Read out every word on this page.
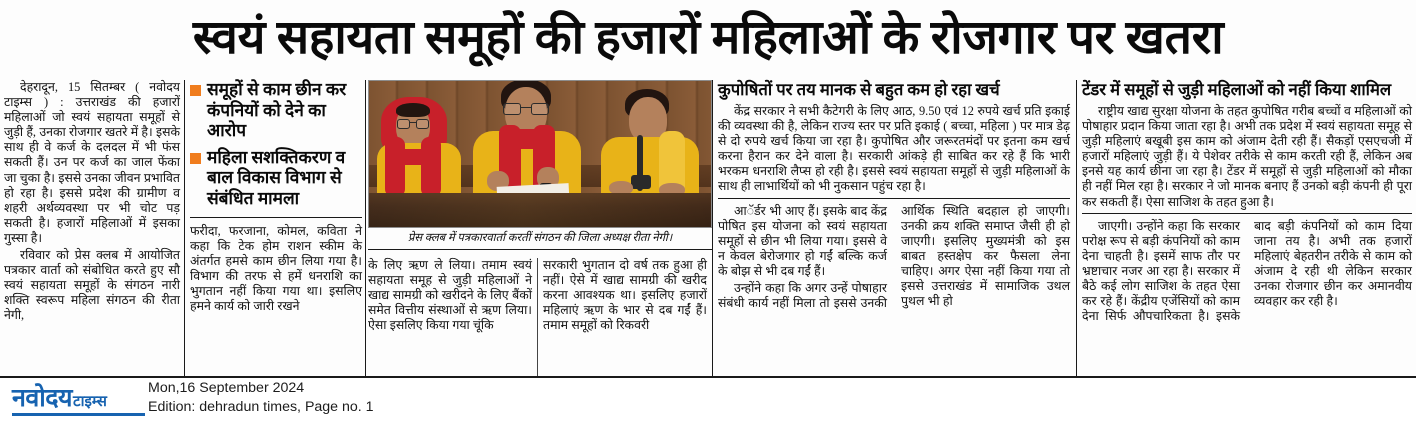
स्वयं सहायता समूहों की हजारों महिलाओं के रोजगार पर खतरा

देहरादून, 15 सितम्बर ( नवोदय टाइम्स ) : उत्तराखंड की हजारों महिलाओं जो स्वयं सहायता समूहों से जुड़ी हैं, उनका रोजगार खतरे में है। इसके साथ ही वे कर्ज के दलदल में भी फंस सकती हैं। उन पर कर्ज का जाल फेंका जा चुका है। इससे उनका जीवन प्रभावित हो रहा है। इससे प्रदेश की ग्रामीण व शहरी अर्थव्यवस्था पर भी चोट पड़ सकती है। हजारों महिलाओं में इसका गुस्सा है।

रविवार को प्रेस क्लब में आयोजित पत्रकार वार्ता को संबोधित करते हुए सौ स्वयं सहायता समूहों के संगठन नारी शक्ति स्वरूप महिला संगठन की रीता नेगी,

समूहों से काम छीन कर कंपनियों को देने का आरोप
महिला सशक्तिकरण व बाल विकास विभाग से संबंधित मामला

फरीदा, फरजाना, कोमल, कविता ने कहा कि टेक होम राशन स्कीम के अंतर्गत हमसे काम छीन लिया गया है। विभाग की तरफ से हमें धनराशि का भुगतान नहीं किया गया था। इसलिए हमने कार्य को जारी रखने

प्रेस क्लब में पत्रकारवार्ता करतीं संगठन की जिला अध्यक्ष रीता नेगी।

के लिए ऋण ले लिया। तमाम स्वयं सहायता समूह से जुड़ी महिलाओं ने खाद्य सामग्री को खरीदने के लिए बैंकों समेत वित्तीय संस्थाओं से ऋण लिया। ऐसा इसलिए किया गया चूंकि

सरकारी भुगतान दो वर्ष तक हुआ ही नहीं। ऐसे में खाद्य सामग्री की खरीद करना आवश्यक था। इसलिए हजारों महिलाएं ऋण के भार से दब गईं हैं। तमाम समूहों को रिकवरी

कुपोषितों पर तय मानक से बहुत कम हो रहा खर्च

केंद्र सरकार ने सभी कैटेगरी के लिए आठ, 9.50 एवं 12 रुपये खर्च प्रति इकाई की व्यवस्था की है, लेकिन राज्य स्तर पर प्रति इकाई ( बच्चा, महिला ) पर मात्र डेढ़ से दो रुपये खर्च किया जा रहा है। कुपोषित और जरूरतमंदों पर इतना कम खर्च करना हैरान कर देने वाला है। सरकारी आंकड़े ही साबित कर रहे हैं कि भारी भरकम धनराशि लैप्स हो रही है। इससे स्वयं सहायता समूहों से जुड़ी महिलाओं के साथ ही लाभार्थियों को भी नुकसान पहुंच रहा है।

आॅर्डर भी आए हैं। इसके बाद केंद्र पोषित इस योजना को स्वयं सहायता समूहों से छीन भी लिया गया। इससे वे न केवल बेरोजगार हो गईं बल्कि कर्ज के बोझ से भी दब गईं हैं।

उन्होंने कहा कि अगर उन्हें पोषाहार संबंधी कार्य नहीं मिला तो इससे उनकी आर्थिक स्थिति बदहाल हो जाएगी। उनकी क्रय शक्ति समाप्त जैसी ही हो जाएगी। इसलिए मुख्यमंत्री को इस बाबत हस्तक्षेप कर फैसला लेना चाहिए। अगर ऐसा नहीं किया गया तो इससे उत्तराखंड में सामाजिक उथल पुथल भी हो

टेंडर में समूहों से जुड़ी महिलाओं को नहीं किया शामिल

राष्ट्रीय खाद्य सुरक्षा योजना के तहत कुपोषित गरीब बच्चों व महिलाओं को पोषाहार प्रदान किया जाता रहा है। अभी तक प्रदेश में स्वयं सहायता समूह से जुड़ी महिलाएं बखूबी इस काम को अंजाम देती रही हैं। सैकड़ों एसएचजी में हजारों महिलाएं जुड़ी हैं। ये पेशेवर तरीके से काम करती रही हैं, लेकिन अब इनसे यह कार्य छीना जा रहा है। टेंडर में समूहों से जुड़ी महिलाओं को मौका ही नहीं मिल रहा है। सरकार ने जो मानक बनाए हैं उनको बड़ी कंपनी ही पूरा कर सकती हैं। ऐसा साजिश के तहत हुआ है।

जाएगी। उन्होंने कहा कि सरकार परोक्ष रूप से बड़ी कंपनियों को काम देना चाहती है। इसमें साफ तौर पर भ्रष्टाचार नजर आ रहा है। सरकार में बैठे कई लोग साजिश के तहत ऐसा कर रहे हैं। केंद्रीय एजेंसियों को काम देना सिर्फ औपचारिकता है। इसके बाद बड़ी कंपनियों को काम दिया जाना तय है। अभी तक हजारों महिलाएं बेहतरीन तरीके से काम को अंजाम दे रही थी लेकिन सरकार उनका रोजगार छीन कर अमानवीय व्यवहार कर रही है।

नवोदय टाइम्स
Mon,16 September 2024
Edition: dehradun times, Page no. 1
